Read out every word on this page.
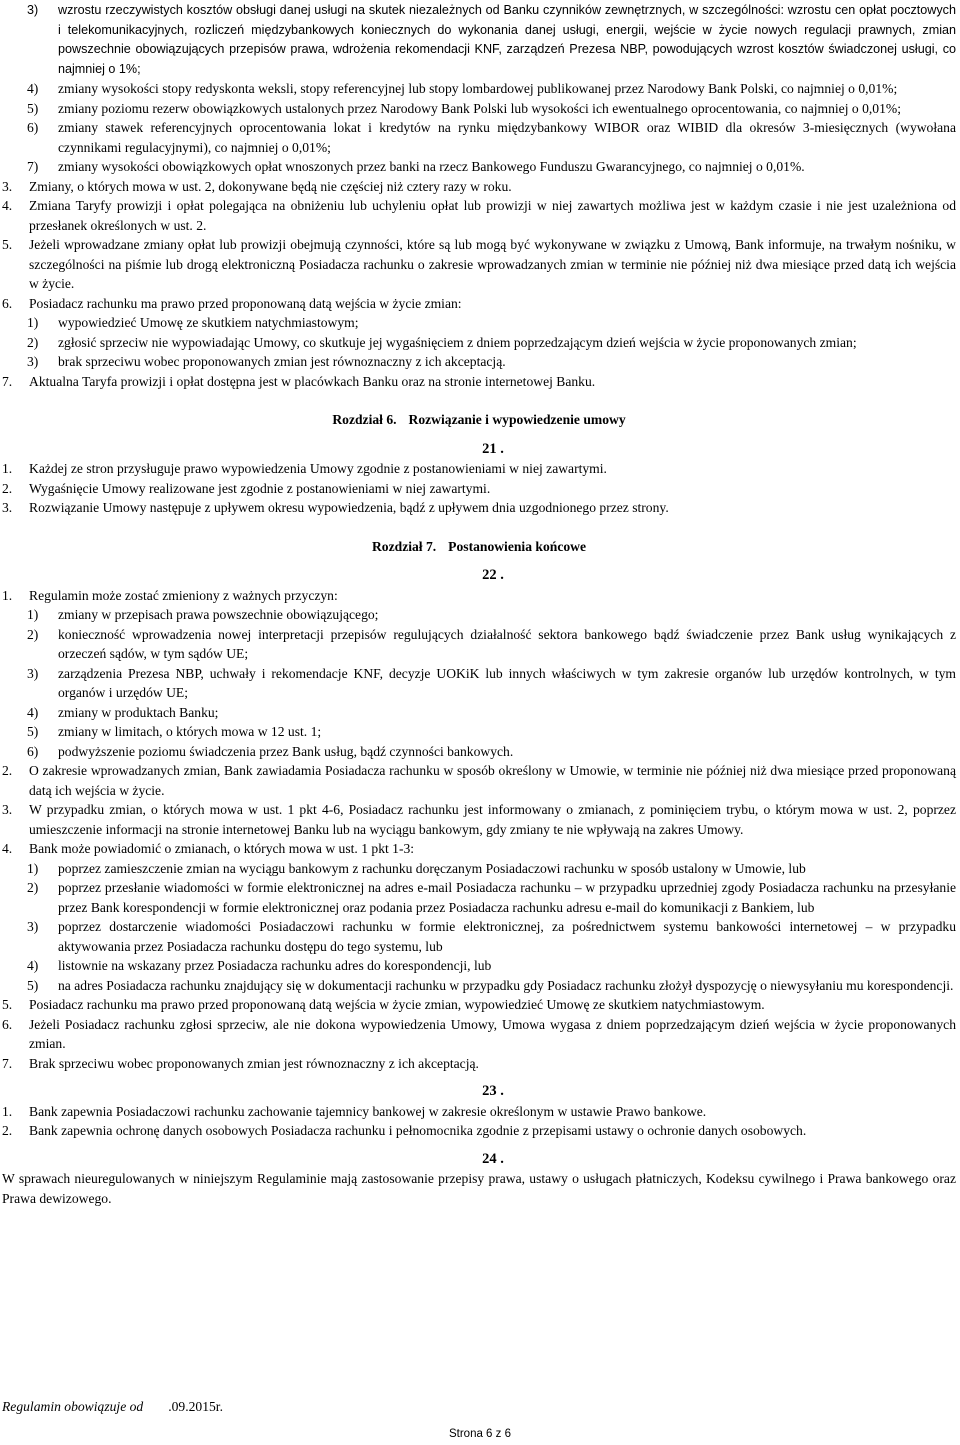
3) wzrostu rzeczywistych kosztów obsługi danej usługi na skutek niezależnych od Banku czynników zewnętrznych, w szczególności: wzrostu cen opłat pocztowych i telekomunikacyjnych, rozliczeń międzybankowych koniecznych do wykonania danej usługi, energii, wejście w życie nowych regulacji prawnych, zmian powszechnie obowiązujących przepisów prawa, wdrożenia rekomendacji KNF, zarządzeń Prezesa NBP, powodujących wzrost kosztów świadczonej usługi, co najmniej o 1%;
4) zmiany wysokości stopy redyskonta weksli, stopy referencyjnej lub stopy lombardowej publikowanej przez Narodowy Bank Polski, co najmniej o 0,01%;
5) zmiany poziomu rezerw obowiązkowych ustalonych przez Narodowy Bank Polski lub wysokości ich ewentualnego oprocentowania, co najmniej o 0,01%;
6) zmiany stawek referencyjnych oprocentowania lokat i kredytów na rynku międzybankowy WIBOR oraz WIBID dla okresów 3-miesięcznych (wywołana czynnikami regulacyjnymi), co najmniej o 0,01%;
7) zmiany wysokości obowiązkowych opłat wnoszonych przez banki na rzecz Bankowego Funduszu Gwarancyjnego, co najmniej o 0,01%.
3. Zmiany, o których mowa w ust. 2, dokonywane będą nie częściej niż cztery razy w roku.
4. Zmiana Taryfy prowizji i opłat polegająca na obniżeniu lub uchyleniu opłat lub prowizji w niej zawartych możliwa jest w każdym czasie i nie jest uzależniona od przesłanek określonych w ust. 2.
5. Jeżeli wprowadzane zmiany opłat lub prowizji obejmują czynności, które są lub mogą być wykonywane w związku z Umową, Bank informuje, na trwałym nośniku, w szczególności na piśmie lub drogą elektroniczną Posiadacza rachunku o zakresie wprowadzanych zmian w terminie nie później niż dwa miesiące przed datą ich wejścia w życie.
6. Posiadacz rachunku ma prawo przed proponowaną datą wejścia w życie zmian:
1) wypowiedzieć Umowę ze skutkiem natychmiastowym;
2) zgłosić sprzeciw nie wypowiadając Umowy, co skutkuje jej wygaśnięciem z dniem poprzedzającym dzień wejścia w życie proponowanych zmian;
3) brak sprzeciwu wobec proponowanych zmian jest równoznaczny z ich akceptacją.
7. Aktualna Taryfa prowizji i opłat dostępna jest w placówkach Banku oraz na stronie internetowej Banku.
Rozdział 6. Rozwiązanie i wypowiedzenie umowy
21 .
1. Każdej ze stron przysługuje prawo wypowiedzenia Umowy zgodnie z postanowieniami w niej zawartymi.
2. Wygaśnięcie Umowy realizowane jest zgodnie z postanowieniami w niej zawartymi.
3. Rozwiązanie Umowy następuje z upływem okresu wypowiedzenia, bądź z upływem dnia uzgodnionego przez strony.
Rozdział 7. Postanowienia końcowe
22 .
1. Regulamin może zostać zmieniony z ważnych przyczyn:
1) zmiany w przepisach prawa powszechnie obowiązującego;
2) konieczność wprowadzenia nowej interpretacji przepisów regulujących działalność sektora bankowego bądź świadczenie przez Bank usług wynikających z orzeczeń sądów, w tym sądów UE;
3) zarządzenia Prezesa NBP, uchwały i rekomendacje KNF, decyzje UOKiK lub innych właściwych w tym zakresie organów lub urzędów kontrolnych, w tym organów i urzędów UE;
4) zmiany w produktach Banku;
5) zmiany w limitach, o których mowa w 12 ust. 1;
6) podwyższenie poziomu świadczenia przez Bank usług, bądź czynności bankowych.
2. O zakresie wprowadzanych zmian, Bank zawiadamia Posiadacza rachunku w sposób określony w Umowie, w terminie nie później niż dwa miesiące przed proponowaną datą ich wejścia w życie.
3. W przypadku zmian, o których mowa w ust. 1 pkt 4-6, Posiadacz rachunku jest informowany o zmianach, z pominięciem trybu, o którym mowa w ust. 2, poprzez umieszczenie informacji na stronie internetowej Banku lub na wyciągu bankowym, gdy zmiany te nie wpływają na zakres Umowy.
4. Bank może powiadomić o zmianach, o których mowa w ust. 1 pkt 1-3:
1) poprzez zamieszczenie zmian na wyciągu bankowym z rachunku doręczanym Posiadaczowi rachunku w sposób ustalony w Umowie, lub
2) poprzez przesłanie wiadomości w formie elektronicznej na adres e-mail Posiadacza rachunku – w przypadku uprzedniej zgody Posiadacza rachunku na przesyłanie przez Bank korespondencji w formie elektronicznej oraz podania przez Posiadacza rachunku adresu e-mail do komunikacji z Bankiem, lub
3) poprzez dostarczenie wiadomości Posiadaczowi rachunku w formie elektronicznej, za pośrednictwem systemu bankowości internetowej – w przypadku aktywowania przez Posiadacza rachunku dostępu do tego systemu, lub
4) listownie na wskazany przez Posiadacza rachunku adres do korespondencji, lub
5) na adres Posiadacza rachunku znajdujący się w dokumentacji rachunku w przypadku gdy Posiadacz rachunku złożył dyspozycję o niewysyłaniu mu korespondencji.
5. Posiadacz rachunku ma prawo przed proponowaną datą wejścia w życie zmian, wypowiedzieć Umowę ze skutkiem natychmiastowym.
6. Jeżeli Posiadacz rachunku zgłosi sprzeciw, ale nie dokona wypowiedzenia Umowy, Umowa wygasa z dniem poprzedzającym dzień wejścia w życie proponowanych zmian.
7. Brak sprzeciwu wobec proponowanych zmian jest równoznaczny z ich akceptacją.
23 .
1. Bank zapewnia Posiadaczowi rachunku zachowanie tajemnicy bankowej w zakresie określonym w ustawie Prawo bankowe.
2. Bank zapewnia ochronę danych osobowych Posiadacza rachunku i pełnomocnika zgodnie z przepisami ustawy o ochronie danych osobowych.
24 .
W sprawach nieuregulowanych w niniejszym Regulaminie mają zastosowanie przepisy prawa, ustawy o usługach płatniczych, Kodeksu cywilnego i Prawa bankowego oraz Prawa dewizowego.
Regulamin obowiązuje od .09.2015r.
Strona 6 z 6
